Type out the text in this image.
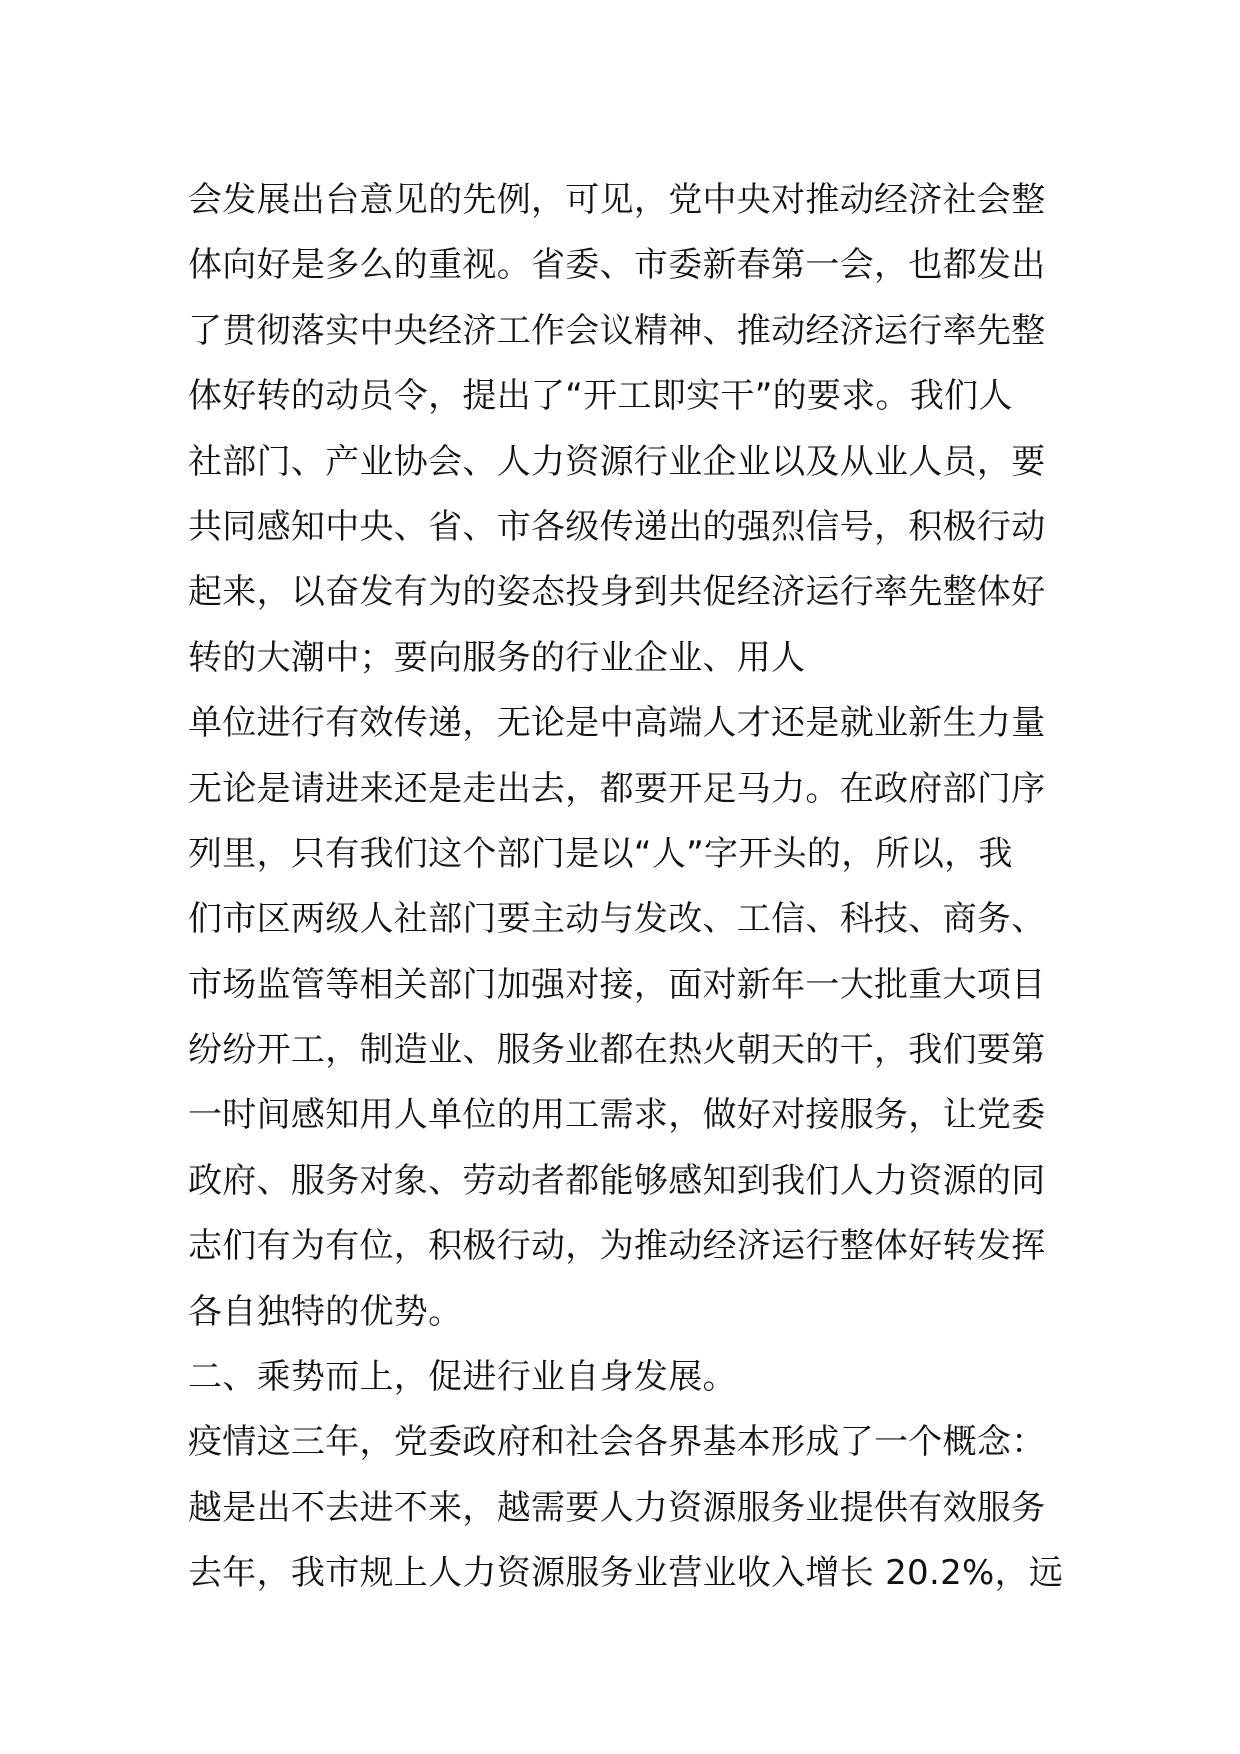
会发展出台意见的先例，可见，党中央对推动经济社会整
体向好是多么的重视。省委、市委新春第一会，也都发出
了贯彻落实中央经济工作会议精神、推动经济运行率先整
体好转的动员令，提出了“开工即实干”的要求。我们人
社部门、产业协会、人力资源行业企业以及从业人员，要
共同感知中央、省、市各级传递出的强烈信号，积极行动
起来，以奋发有为的姿态投身到共促经济运行率先整体好
转的大潮中；要向服务的行业企业、用人
单位进行有效传递，无论是中高端人才还是就业新生力量
无论是请进来还是走出去，都要开足马力。在政府部门序
列里，只有我们这个部门是以“人”字开头的，所以，我
们市区两级人社部门要主动与发改、工信、科技、商务、
市场监管等相关部门加强对接，面对新年一大批重大项目
纷纷开工，制造业、服务业都在热火朝天的干，我们要第
一时间感知用人单位的用工需求，做好对接服务，让党委
政府、服务对象、劳动者都能够感知到我们人力资源的同
志们有为有位，积极行动，为推动经济运行整体好转发挥
各自独特的优势。
二、乘势而上，促进行业自身发展。
疫情这三年，党委政府和社会各界基本形成了一个概念：
越是出不去进不来，越需要人力资源服务业提供有效服务
去年，我市规上人力资源服务业营业收入增长 20.2%，远
